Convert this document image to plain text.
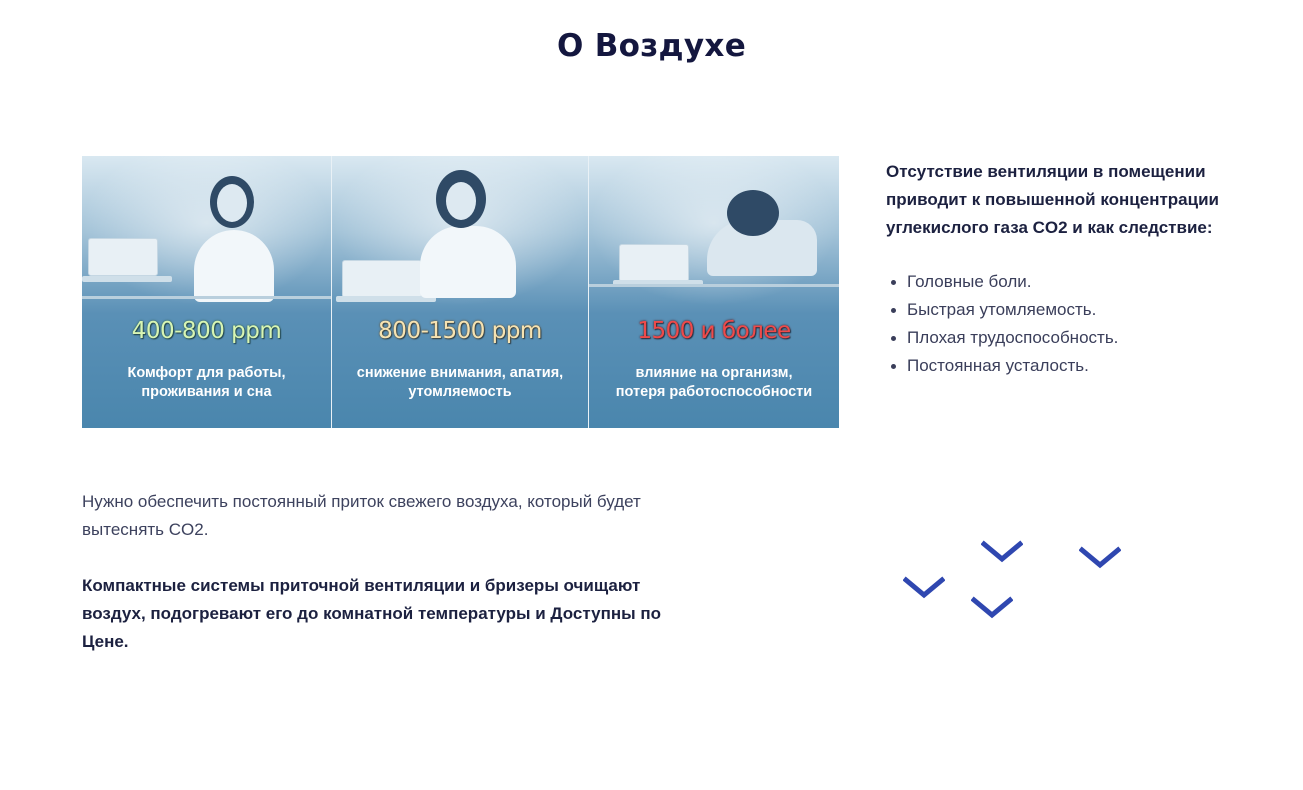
О Воздухе
400-800 ppm
Комфорт для работы,
проживания и сна
800-1500 ppm
снижение внимания, апатия,
утомляемость
1500 и более
влияние на организм,
потеря работоспособности

Отсутствие вентиляции в помещении приводит к повышенной концентрации углекислого газа CO2 и как следствие:

Головные боли.
Быстрая утомляемость.
Плохая трудоспособность.
Постоянная усталость.

Нужно обеспечить постоянный приток свежего воздуха, который будет вытеснять CO2.

Компактные системы приточной вентиляции и бризеры очищают воздух, подогревают его до комнатной температуры и Доступны по Цене.
